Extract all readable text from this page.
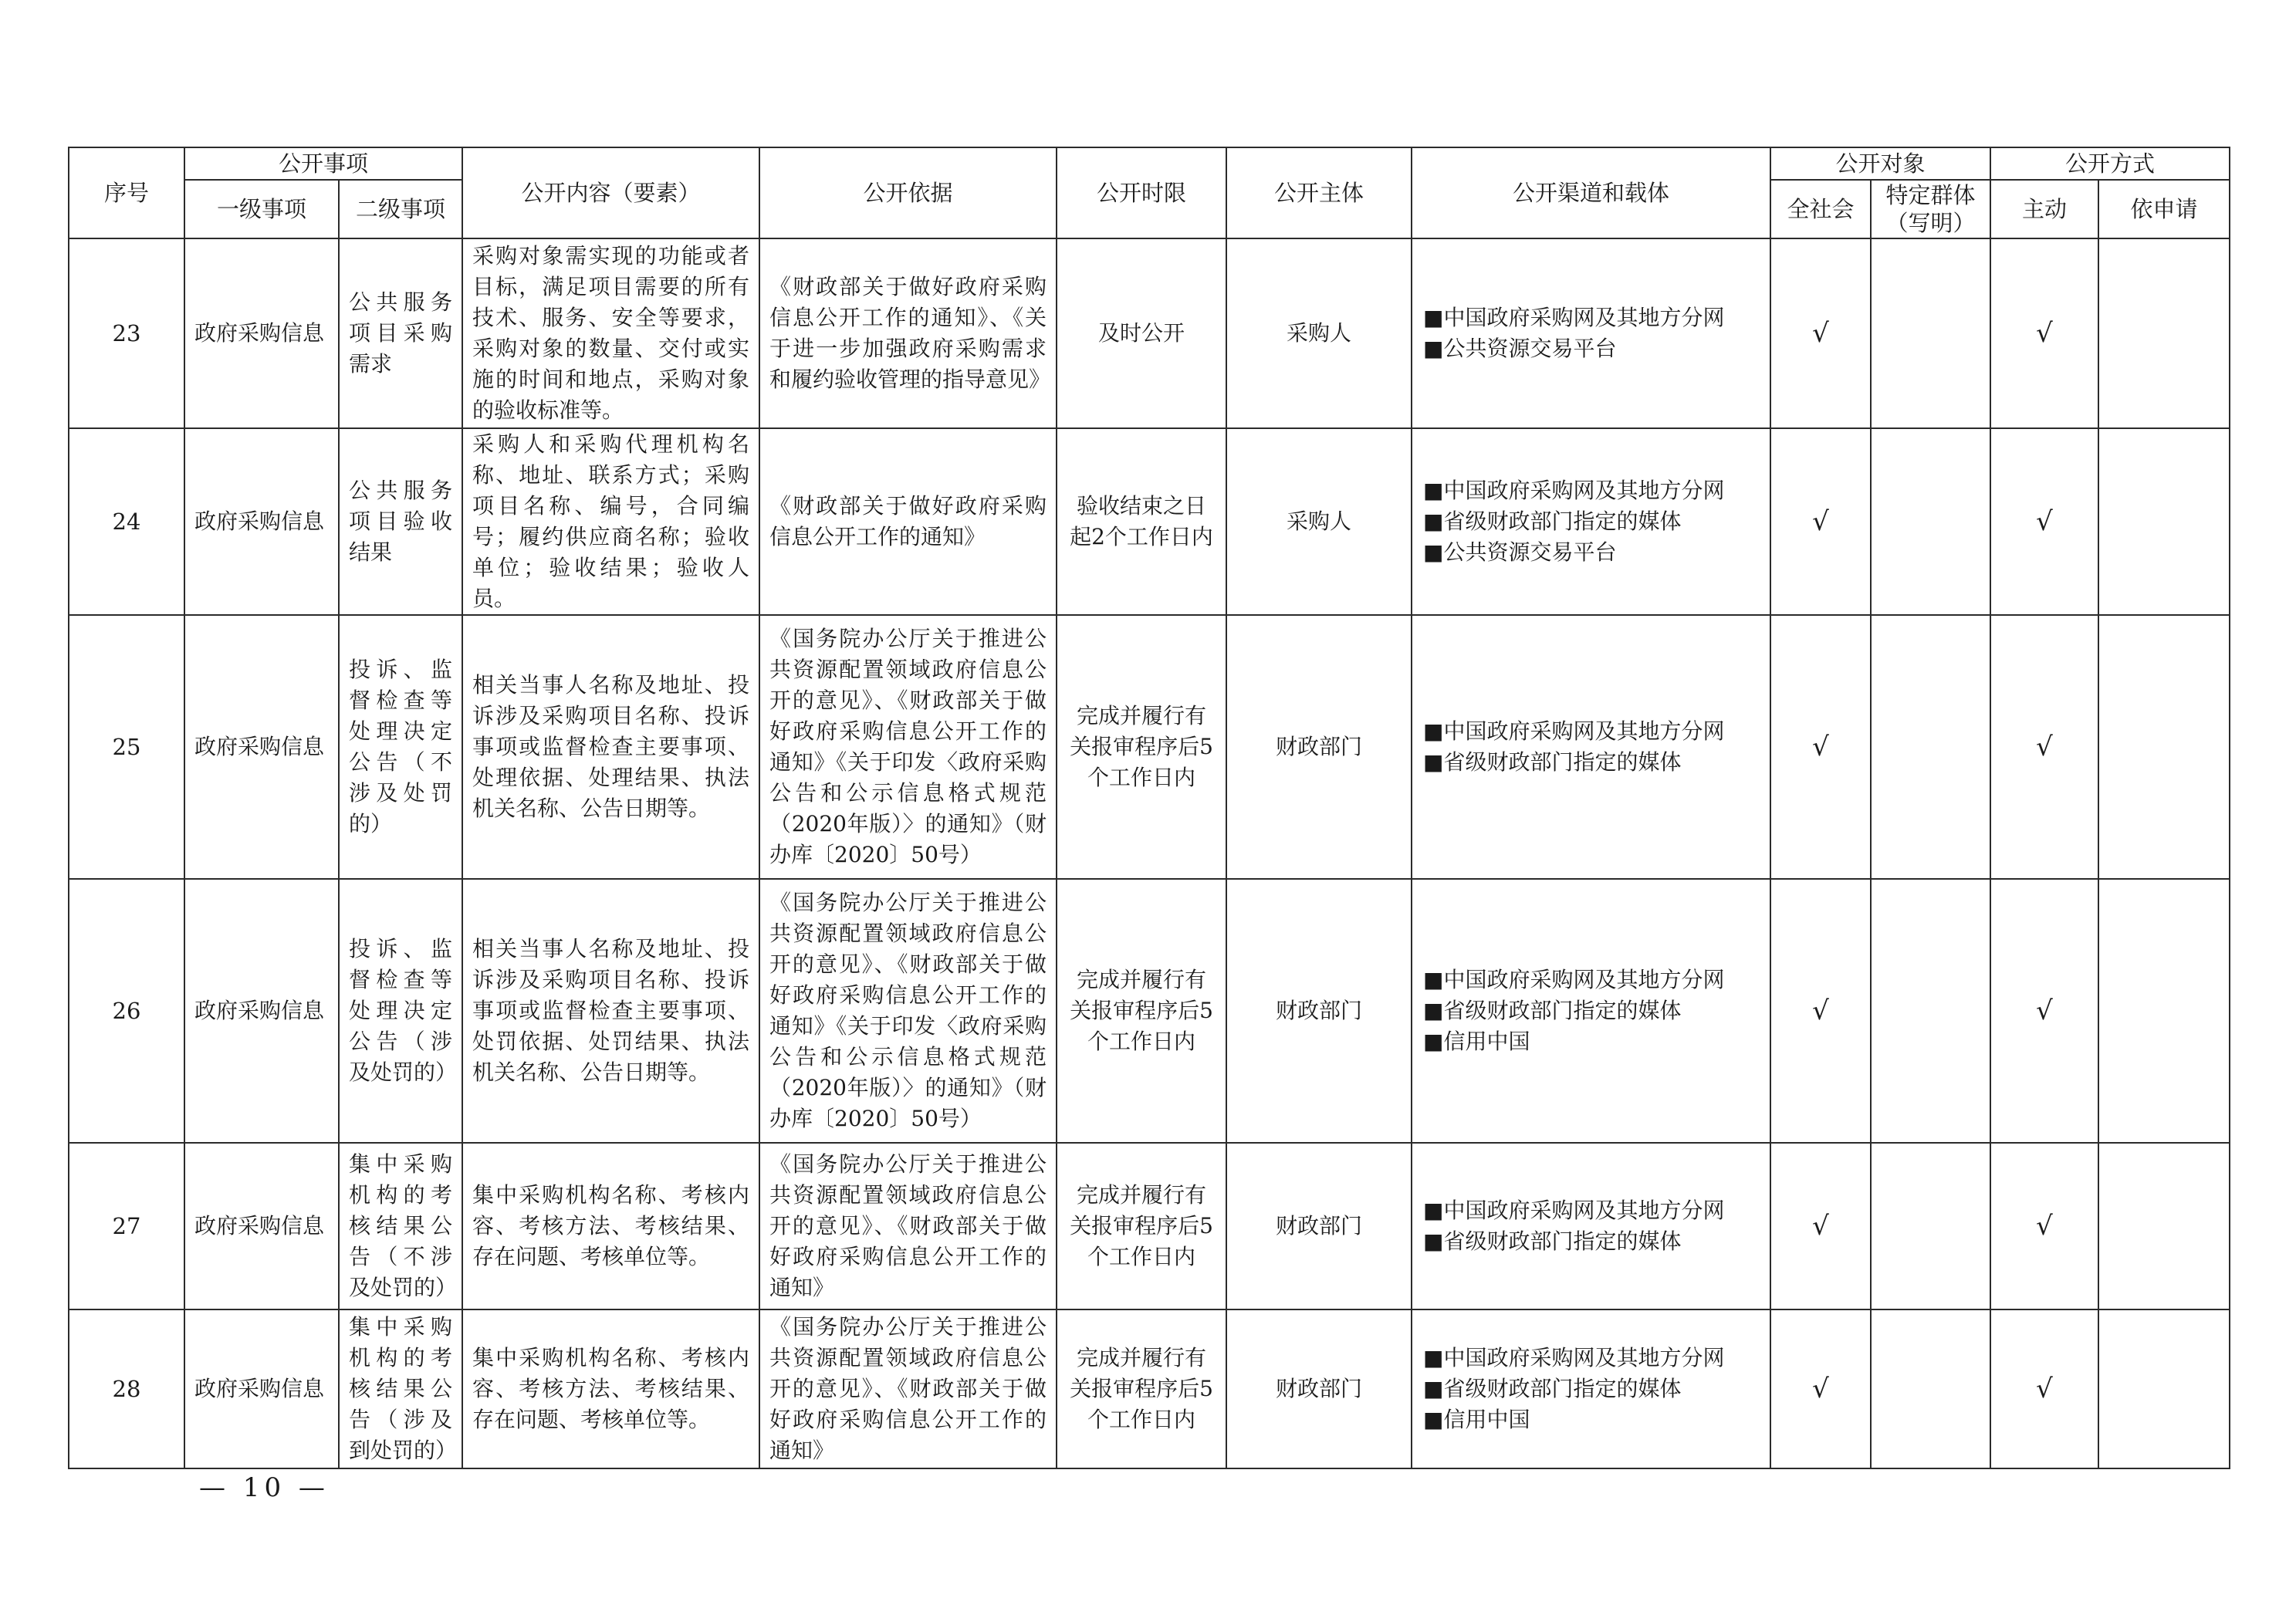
序号	公开事项		公开内容（要素）	公开依据	公开时限	公开主体	公开渠道和载体	公开对象		公开方式	
	一级事项	二级事项						全社会	特定群体（写明）	主动	依申请
23	政府采购信息	公共服务项目采购需求	采购对象需实现的功能或者目标，满足项目需要的所有技术、服务、安全等要求，采购对象的数量、交付或实施的时间和地点，采购对象的验收标准等。	《财政部关于做好政府采购信息公开工作的通知》、《关于进一步加强政府采购需求和履约验收管理的指导意见》	及时公开	采购人	■中国政府采购网及其地方分网
■公共资源交易平台	√		√	
24	政府采购信息	公共服务项目验收结果	采购人和采购代理机构名称、地址、联系方式；采购项目名称、编号，合同编号；履约供应商名称；验收单位；验收结果；验收人员。	《财政部关于做好政府采购信息公开工作的通知》	验收结束之日起2个工作日内	采购人	■中国政府采购网及其地方分网
■省级财政部门指定的媒体
■公共资源交易平台	√		√	
25	政府采购信息	投诉、监督检查等处理决定公告（不涉及处罚的）	相关当事人名称及地址、投诉涉及采购项目名称、投诉事项或监督检查主要事项、处理依据、处理结果、执法机关名称、公告日期等。	《国务院办公厅关于推进公共资源配置领域政府信息公开的意见》、《财政部关于做好政府采购信息公开工作的通知》《关于印发〈政府采购公告和公示信息格式规范（2020年版）〉的通知》（财办库〔2020〕50号）	完成并履行有关报审程序后5个工作日内	财政部门	■中国政府采购网及其地方分网
■省级财政部门指定的媒体	√		√	
26	政府采购信息	投诉、监督检查等处理决定公告（涉及处罚的）	相关当事人名称及地址、投诉涉及采购项目名称、投诉事项或监督检查主要事项、处罚依据、处罚结果、执法机关名称、公告日期等。	《国务院办公厅关于推进公共资源配置领域政府信息公开的意见》、《财政部关于做好政府采购信息公开工作的通知》《关于印发〈政府采购公告和公示信息格式规范（2020年版）〉的通知》（财办库〔2020〕50号）	完成并履行有关报审程序后5个工作日内	财政部门	■中国政府采购网及其地方分网
■省级财政部门指定的媒体
■信用中国	√		√	
27	政府采购信息	集中采购机构的考核结果公告（不涉及处罚的）	集中采购机构名称、考核内容、考核方法、考核结果、存在问题、考核单位等。	《国务院办公厅关于推进公共资源配置领域政府信息公开的意见》、《财政部关于做好政府采购信息公开工作的通知》	完成并履行有关报审程序后5个工作日内	财政部门	■中国政府采购网及其地方分网
■省级财政部门指定的媒体	√		√	
28	政府采购信息	集中采购机构的考核结果公告（涉及到处罚的）	集中采购机构名称、考核内容、考核方法、考核结果、存在问题、考核单位等。	《国务院办公厅关于推进公共资源配置领域政府信息公开的意见》、《财政部关于做好政府采购信息公开工作的通知》	完成并履行有关报审程序后5个工作日内	财政部门	■中国政府采购网及其地方分网
■省级财政部门指定的媒体
■信用中国	√		√	
— 10 —
